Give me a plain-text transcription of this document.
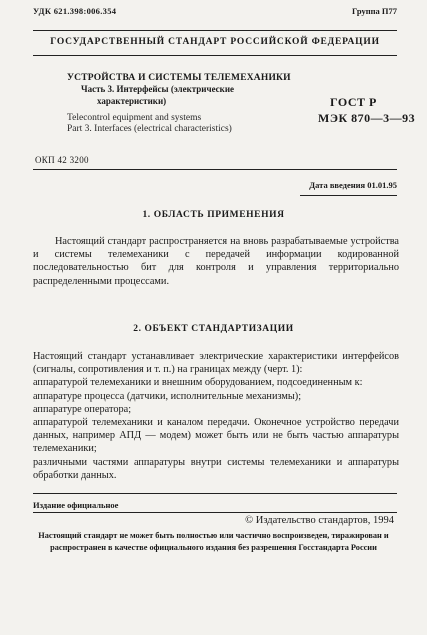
УДК 621.398:006.354	Группа П77
ГОСУДАРСТВЕННЫЙ СТАНДАРТ РОССИЙСКОЙ ФЕДЕРАЦИИ
УСТРОЙСТВА И СИСТЕМЫ ТЕЛЕМЕХАНИКИ
Часть 3. Интерфейсы (электрические
характеристики)
Telecontrol equipment and systems
Part 3. Interfaces (electrical characteristics)
ГОСТ Р
МЭК 870—3—93
ОКП 42 3200
Дата введения 01.01.95
1. ОБЛАСТЬ ПРИМЕНЕНИЯ

Настоящий стандарт распространяется на вновь разрабатываемые устройства и системы телемеханики с передачей информации кодированной последовательностью бит для контроля и управления территориально распределенными процессами.

2. ОБЪЕКТ СТАНДАРТИЗАЦИИ

Настоящий стандарт устанавливает электрические характеристики интерфейсов (сигналы, сопротивления и т. п.) на границах между (черт. 1):

аппаратурой телемеханики и внешним оборудованием, подсоединенным к:

аппаратуре процесса (датчики, исполнительные механизмы);

аппаратуре оператора;

аппаратурой телемеханики и каналом передачи. Оконечное устройство передачи данных, например АПД — модем) может быть или не быть частью аппаратуры телемеханики;

различными частями аппаратуры внутри системы телемеханики и аппаратуры обработки данных.

Издание официальное
© Издательство стандартов, 1994
Настоящий стандарт не может быть полностью или частично воспроизведен, тиражирован и распространен в качестве официального издания без разрешения Госстандарта России
